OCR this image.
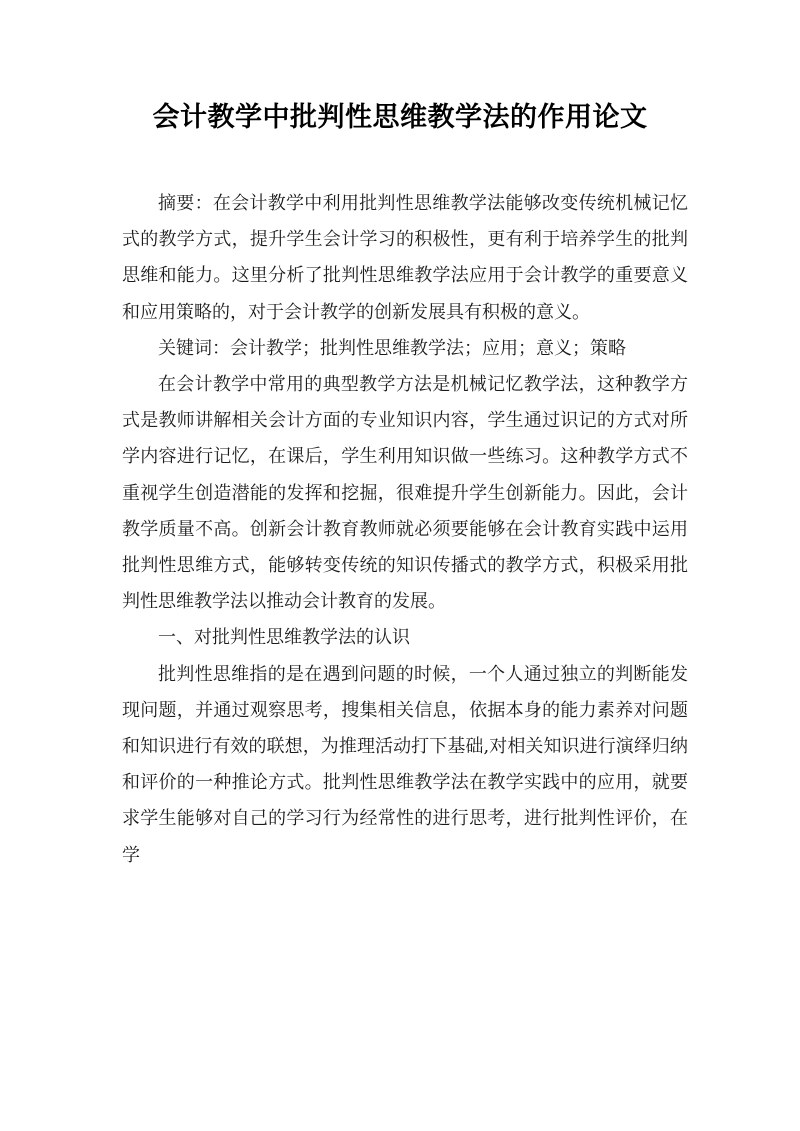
会计教学中批判性思维教学法的作用论文

摘要：在会计教学中利用批判性思维教学法能够改变传统机械记忆式的教学方式，提升学生会计学习的积极性，更有利于培养学生的批判思维和能力。这里分析了批判性思维教学法应用于会计教学的重要意义和应用策略的，对于会计教学的创新发展具有积极的意义。

关键词：会计教学；批判性思维教学法；应用；意义；策略

在会计教学中常用的典型教学方法是机械记忆教学法，这种教学方式是教师讲解相关会计方面的专业知识内容，学生通过识记的方式对所学内容进行记忆，在课后，学生利用知识做一些练习。这种教学方式不重视学生创造潜能的发挥和挖掘，很难提升学生创新能力。因此，会计教学质量不高。创新会计教育教师就必须要能够在会计教育实践中运用批判性思维方式，能够转变传统的知识传播式的教学方式，积极采用批判性思维教学法以推动会计教育的发展。

一、对批判性思维教学法的认识

批判性思维指的是在遇到问题的时候，一个人通过独立的判断能发现问题，并通过观察思考，搜集相关信息，依据本身的能力素养对问题和知识进行有效的联想，为推理活动打下基础,对相关知识进行演绎归纳和评价的一种推论方式。批判性思维教学法在教学实践中的应用，就要求学生能够对自己的学习行为经常性的进行思考，进行批判性评价，在学
